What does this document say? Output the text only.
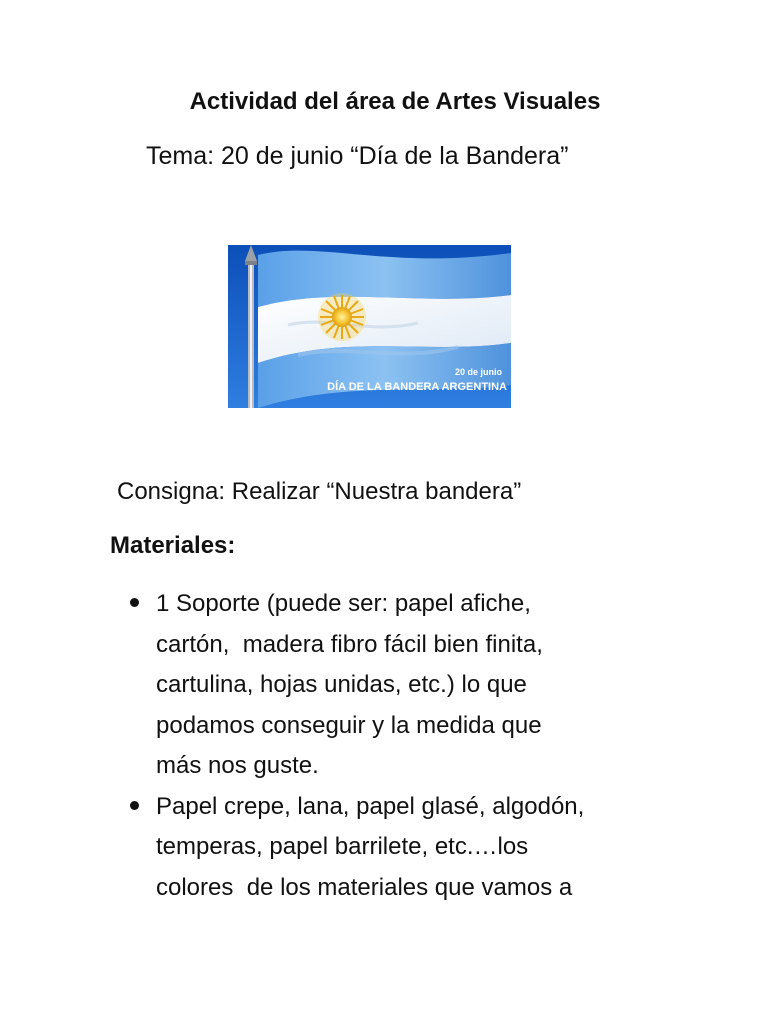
Actividad del área de Artes Visuales

Tema: 20 de junio “Día de la Bandera”

20 de junio
DÍA DE LA BANDERA ARGENTINA

Consigna: Realizar “Nuestra bandera”

Materiales:
1 Soporte (puede ser: papel afiche,
cartón,  madera fibro fácil bien finita,
cartulina, hojas unidas, etc.) lo que
podamos conseguir y la medida que
más nos guste.
Papel crepe, lana, papel glasé, algodón,
temperas, papel barrilete, etc.…los
colores  de los materiales que vamos a
